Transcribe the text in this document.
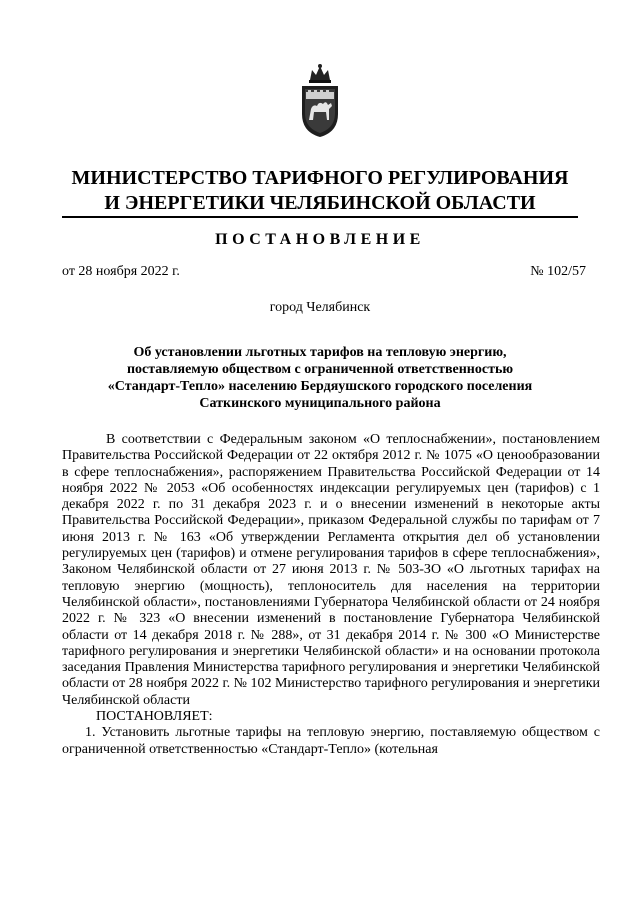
МИНИСТЕРСТВО ТАРИФНОГО РЕГУЛИРОВАНИЯ
И ЭНЕРГЕТИКИ ЧЕЛЯБИНСКОЙ ОБЛАСТИ
ПОСТАНОВЛЕНИЕ
от 28 ноября 2022 г.	№ 102/57
город Челябинск
Об установлении льготных тарифов на тепловую энергию,
поставляемую обществом с ограниченной ответственностью
«Стандарт-Тепло» населению Бердяушского городского поселения
Саткинского муниципального района

В соответствии с Федеральным законом «О теплоснабжении», постановлением Правительства Российской Федерации от 22 октября 2012 г. № 1075 «О ценообразовании в сфере теплоснабжения», распоряжением Правительства Российской Федерации от 14 ноября 2022 № 2053 «Об особенностях индексации регулируемых цен (тарифов) с 1 декабря 2022 г. по 31 декабря 2023 г. и о внесении изменений в некоторые акты Правительства Российской Федерации», приказом Федеральной службы по тарифам от 7 июня 2013 г. № 163 «Об утверждении Регламента открытия дел об установлении регулируемых цен (тарифов) и отмене регулирования тарифов в сфере теплоснабжения», Законом Челябинской области от 27 июня 2013 г. № 503-ЗО «О льготных тарифах на тепловую энергию (мощность), теплоноситель для населения на территории Челябинской области», постановлениями Губернатора Челябинской области от 24 ноября 2022 г. № 323 «О внесении изменений в постановление Губернатора Челябинской области от 14 декабря 2018 г. № 288», от 31 декабря 2014 г. № 300 «О Министерстве тарифного регулирования и энергетики Челябинской области» и на основании протокола заседания Правления Министерства тарифного регулирования и энергетики Челябинской области от 28 ноября 2022 г. № 102 Министерство тарифного регулирования и энергетики Челябинской области

ПОСТАНОВЛЯЕТ:

1. Установить льготные тарифы на тепловую энергию, поставляемую обществом с ограниченной ответственностью «Стандарт-Тепло» (котельная
